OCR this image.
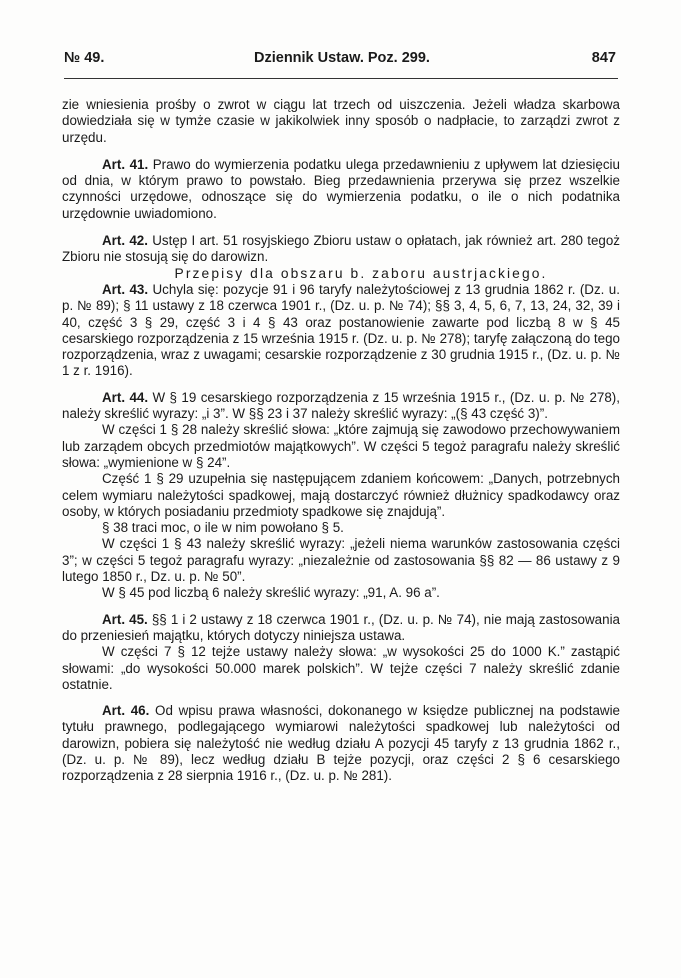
№ 49.	Dziennik Ustaw. Poz. 299.	847

zie wniesienia prośby o zwrot w ciągu lat trzech od uiszczenia. Jeżeli władza skarbowa dowiedziała się w tymże czasie w jakikolwiek inny sposób o nadpłacie, to zarządzi zwrot z urzędu.

Art. 41. Prawo do wymierzenia podatku ulega przedawnieniu z upływem lat dziesięciu od dnia, w którym prawo to powstało. Bieg przedawnienia przerywa się przez wszelkie czynności urzędowe, odnoszące się do wymierzenia podatku, o ile o nich podatnika urzędownie uwiadomiono.

Art. 42. Ustęp I art. 51 rosyjskiego Zbioru ustaw o opłatach, jak również art. 280 tegoż Zbioru nie stosują się do darowizn.

Przepisy dla obszaru b. zaboru austrjackiego.

Art. 43. Uchyla się: pozycje 91 i 96 taryfy należytościowej z 13 grudnia 1862 r. (Dz. u. p. № 89); § 11 ustawy z 18 czerwca 1901 r., (Dz. u. p. № 74); §§ 3, 4, 5, 6, 7, 13, 24, 32, 39 i 40, część 3 § 29, część 3 i 4 § 43 oraz postanowienie zawarte pod liczbą 8 w § 45 cesarskiego rozporządzenia z 15 września 1915 r. (Dz. u. p. № 278); taryfę załączoną do tego rozporządzenia, wraz z uwagami; cesarskie rozporządzenie z 30 grudnia 1915 r., (Dz. u. p. № 1 z r. 1916).

Art. 44. W § 19 cesarskiego rozporządzenia z 15 września 1915 r., (Dz. u. p. № 278), należy skreślić wyrazy: „i 3”. W §§ 23 i 37 należy skreślić wyrazy: „(§ 43 część 3)”.

W części 1 § 28 należy skreślić słowa: „które zajmują się zawodowo przechowywaniem lub zarządem obcych przedmiotów majątkowych”. W części 5 tegoż paragrafu należy skreślić słowa: „wymienione w § 24”.

Część 1 § 29 uzupełnia się następującem zdaniem końcowem: „Danych, potrzebnych celem wymiaru należytości spadkowej, mają dostarczyć również dłużnicy spadkodawcy oraz osoby, w których posiadaniu przedmioty spadkowe się znajdują”.

§ 38 traci moc, o ile w nim powołano § 5.

W części 1 § 43 należy skreślić wyrazy: „jeżeli niema warunków zastosowania części 3”; w części 5 tegoż paragrafu wyrazy: „niezależnie od zastosowania §§ 82 — 86 ustawy z 9 lutego 1850 r., Dz. u. p. № 50”.

W § 45 pod liczbą 6 należy skreślić wyrazy: „91, A. 96 a”.

Art. 45. §§ 1 i 2 ustawy z 18 czerwca 1901 r., (Dz. u. p. № 74), nie mają zastosowania do przeniesień majątku, których dotyczy niniejsza ustawa.

W części 7 § 12 tejże ustawy należy słowa: „w wysokości 25 do 1000 K.” zastąpić słowami: „do wysokości 50.000 marek polskich”. W tejże części 7 należy skreślić zdanie ostatnie.

Art. 46. Od wpisu prawa własności, dokonanego w księdze publicznej na podstawie tytułu prawnego, podlegającego wymiarowi należytości spadkowej lub należytości od darowizn, pobiera się należytość nie według działu A pozycji 45 taryfy z 13 grudnia 1862 r., (Dz. u. p. № 89), lecz według działu B tejże pozycji, oraz części 2 § 6 cesarskiego rozporządzenia z 28 sierpnia 1916 r., (Dz. u. p. № 281).
